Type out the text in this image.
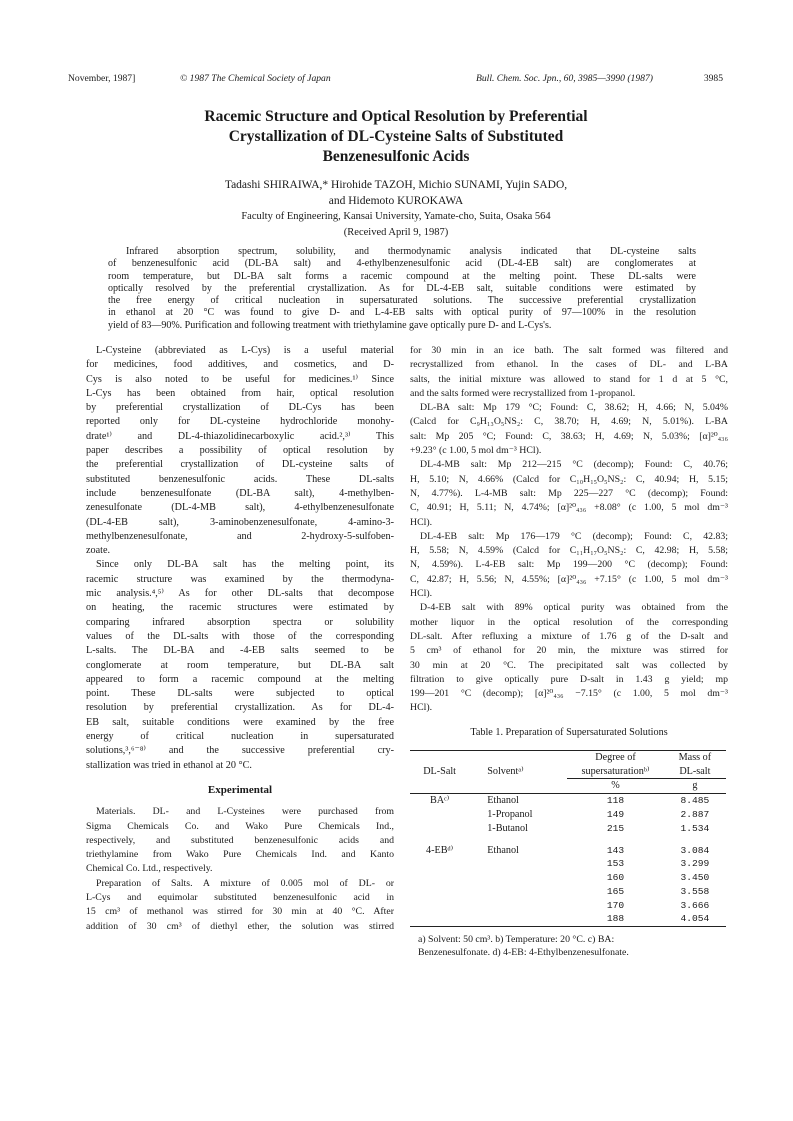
November, 1987]	© 1987 The Chemical Society of Japan	Bull. Chem. Soc. Jpn., 60, 3985—3990 (1987)	3985
Racemic Structure and Optical Resolution by Preferential
Crystallization of DL-Cysteine Salts of Substituted
Benzenesulfonic Acids
Tadashi SHIRAIWA,* Hirohide TAZOH, Michio SUNAMI, Yujin SADO,
and Hidemoto KUROKAWA
Faculty of Engineering, Kansai University, Yamate-cho, Suita, Osaka 564
(Received April 9, 1987)
Infrared absorption spectrum, solubility, and thermodynamic analysis indicated that DL-cysteine salts
of benzenesulfonic acid (DL-BA salt) and 4-ethylbenzenesulfonic acid (DL-4-EB salt) are conglomerates at
room temperature, but DL-BA salt forms a racemic compound at the melting point. These DL-salts were
optically resolved by the preferential crystallization. As for DL-4-EB salt, suitable conditions were estimated by
the free energy of critical nucleation in supersaturated solutions. The successive preferential crystallization
in ethanol at 20 °C was found to give D- and L-4-EB salts with optical purity of 97—100% in the resolution
yield of 83—90%. Purification and following treatment with triethylamine gave optically pure D- and L-Cys's.
L-Cysteine (abbreviated as L-Cys) is a useful material
for medicines, food additives, and cosmetics, and D-
Cys is also noted to be useful for medicines.¹⁾ Since
L-Cys has been obtained from hair, optical resolution
by preferential crystallization of DL-Cys has been
reported only for DL-cysteine hydrochloride monohy-
drate¹⁾ and DL-4-thiazolidinecarboxylic acid.²,³⁾ This
paper describes a possibility of optical resolution by
the preferential crystallization of DL-cysteine salts of
substituted benzenesulfonic acids. These DL-salts
include benzenesulfonate (DL-BA salt), 4-methylben-
zenesulfonate (DL-4-MB salt), 4-ethylbenzenesulfonate
(DL-4-EB salt), 3-aminobenzenesulfonate, 4-amino-3-
methylbenzenesulfonate, and 2-hydroxy-5-sulfoben-
zoate.
Since only DL-BA salt has the melting point, its
racemic structure was examined by the thermodyna-
mic analysis.⁴,⁵⁾ As for other DL-salts that decompose
on heating, the racemic structures were estimated by
comparing infrared absorption spectra or solubility
values of the DL-salts with those of the corresponding
L-salts. The DL-BA and -4-EB salts seemed to be
conglomerate at room temperature, but DL-BA salt
appeared to form a racemic compound at the melting
point. These DL-salts were subjected to optical
resolution by preferential crystallization. As for DL-4-
EB salt, suitable conditions were examined by the free
energy of critical nucleation in supersaturated
solutions,³,⁶⁻⁸⁾ and the successive preferential cry-
stallization was tried in ethanol at 20 °C.
Experimental
Materials. DL- and L-Cysteines were purchased from
Sigma Chemicals Co. and Wako Pure Chemicals Ind.,
respectively, and substituted benzenesulfonic acids and
triethylamine from Wako Pure Chemicals Ind. and Kanto
Chemical Co. Ltd., respectively.
Preparation of Salts. A mixture of 0.005 mol of DL- or
L-Cys and equimolar substituted benzenesulfonic acid in
15 cm³ of methanol was stirred for 30 min at 40 °C. After
addition of 30 cm³ of diethyl ether, the solution was stirred
for 30 min in an ice bath. The salt formed was filtered and
recrystallized from ethanol. In the cases of DL- and L-BA
salts, the initial mixture was allowed to stand for 1 d at 5 °C,
and the salts formed were recrystallized from 1-propanol.
DL-BA salt: Mp 179 °C; Found: C, 38.62; H, 4.66; N, 5.04%
(Calcd for C₉H₁₃O₅NS₂: C, 38.70; H, 4.69; N, 5.01%). L-BA
salt: Mp 205 °C; Found: C, 38.63; H, 4.69; N, 5.03%; [α]²⁰₄₃₆
+9.23° (c 1.00, 5 mol dm⁻³ HCl).
DL-4-MB salt: Mp 212—215 °C (decomp); Found: C, 40.76;
H, 5.10; N, 4.66% (Calcd for C₁₀H₁₅O₅NS₂: C, 40.94; H, 5.15;
N, 4.77%). L-4-MB salt: Mp 225—227 °C (decomp); Found:
C, 40.91; H, 5.11; N, 4.74%; [α]²⁰₄₃₆ +8.08° (c 1.00, 5 mol dm⁻³
HCl).
DL-4-EB salt: Mp 176—179 °C (decomp); Found: C, 42.83;
H, 5.58; N, 4.59% (Calcd for C₁₁H₁₇O₅NS₂: C, 42.98; H, 5.58;
N, 4.59%). L-4-EB salt: Mp 199—200 °C (decomp); Found:
C, 42.87; H, 5.56; N, 4.55%; [α]²⁰₄₃₆ +7.15° (c 1.00, 5 mol dm⁻³
HCl).
D-4-EB salt with 89% optical purity was obtained from the
mother liquor in the optical resolution of the corresponding
DL-salt. After refluxing a mixture of 1.76 g of the D-salt and
5 cm³ of ethanol for 20 min, the mixture was stirred for
30 min at 20 °C. The precipitated salt was collected by
filtration to give optically pure D-salt in 1.43 g yield; mp
199—201 °C (decomp); [α]²⁰₄₃₆ −7.15° (c 1.00, 5 mol dm⁻³
HCl).
Table 1. Preparation of Supersaturated Solutions
		Degree of	Mass of
DL-Salt	Solventᵃ⁾	supersaturationᵇ⁾	DL-salt
		%	g
BAᶜ⁾	Ethanol	118	8.485
	1-Propanol	149	2.887
	1-Butanol	215	1.534
4-EBᵈ⁾	Ethanol	143	3.084
		153	3.299
		160	3.450
		165	3.558
		170	3.666
		188	4.054
a) Solvent: 50 cm³. b) Temperature: 20 °C. c) BA:
Benzenesulfonate. d) 4-EB: 4-Ethylbenzenesulfonate.
